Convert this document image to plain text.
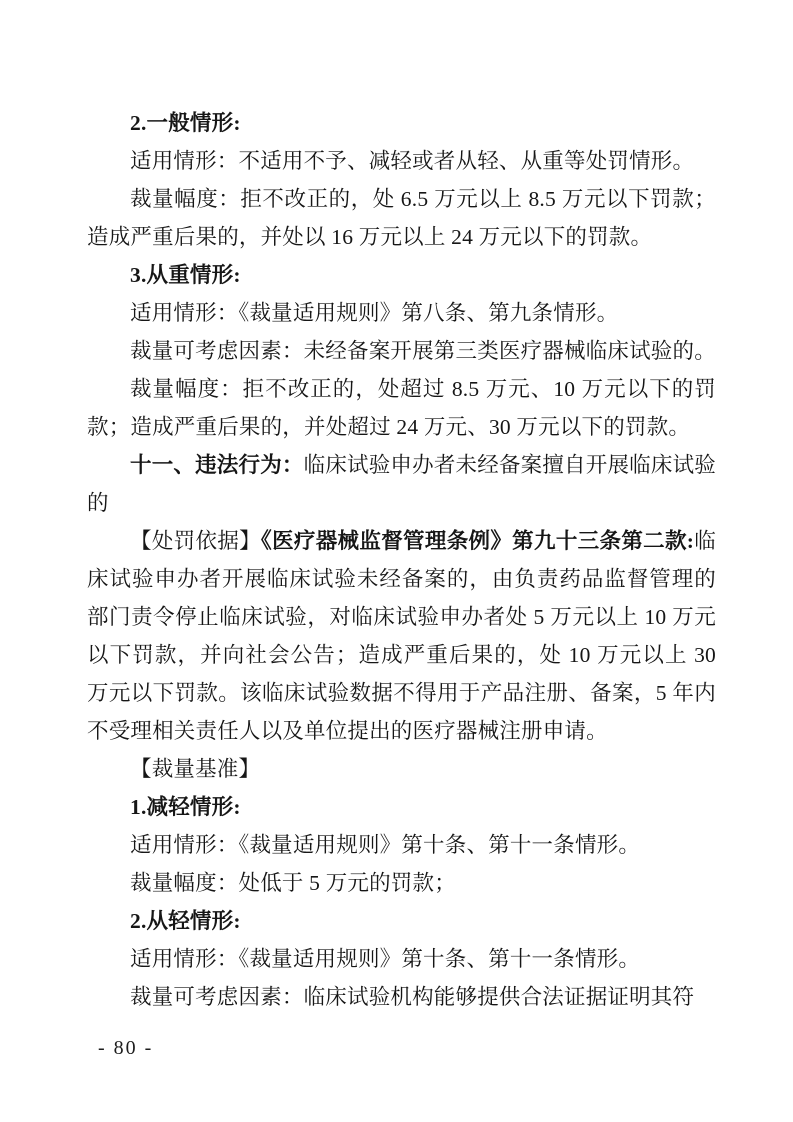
2.一般情形:

适用情形：不适用不予、减轻或者从轻、从重等处罚情形。

裁量幅度：拒不改正的，处 6.5 万元以上 8.5 万元以下罚款；造成严重后果的，并处以 16 万元以上 24 万元以下的罚款。

3.从重情形:

适用情形：《裁量适用规则》第八条、第九条情形。

裁量可考虑因素：未经备案开展第三类医疗器械临床试验的。

裁量幅度：拒不改正的，处超过 8.5 万元、10 万元以下的罚款；造成严重后果的，并处超过 24 万元、30 万元以下的罚款。

十一、违法行为：临床试验申办者未经备案擅自开展临床试验的

【处罚依据】《医疗器械监督管理条例》第九十三条第二款:临床试验申办者开展临床试验未经备案的，由负责药品监督管理的部门责令停止临床试验，对临床试验申办者处 5 万元以上 10 万元以下罚款，并向社会公告；造成严重后果的，处 10 万元以上 30 万元以下罚款。该临床试验数据不得用于产品注册、备案，5 年内不受理相关责任人以及单位提出的医疗器械注册申请。

【裁量基准】

1.减轻情形:

适用情形：《裁量适用规则》第十条、第十一条情形。

裁量幅度：处低于 5 万元的罚款；

2.从轻情形:

适用情形：《裁量适用规则》第十条、第十一条情形。

裁量可考虑因素：临床试验机构能够提供合法证据证明其符

- 80 -
